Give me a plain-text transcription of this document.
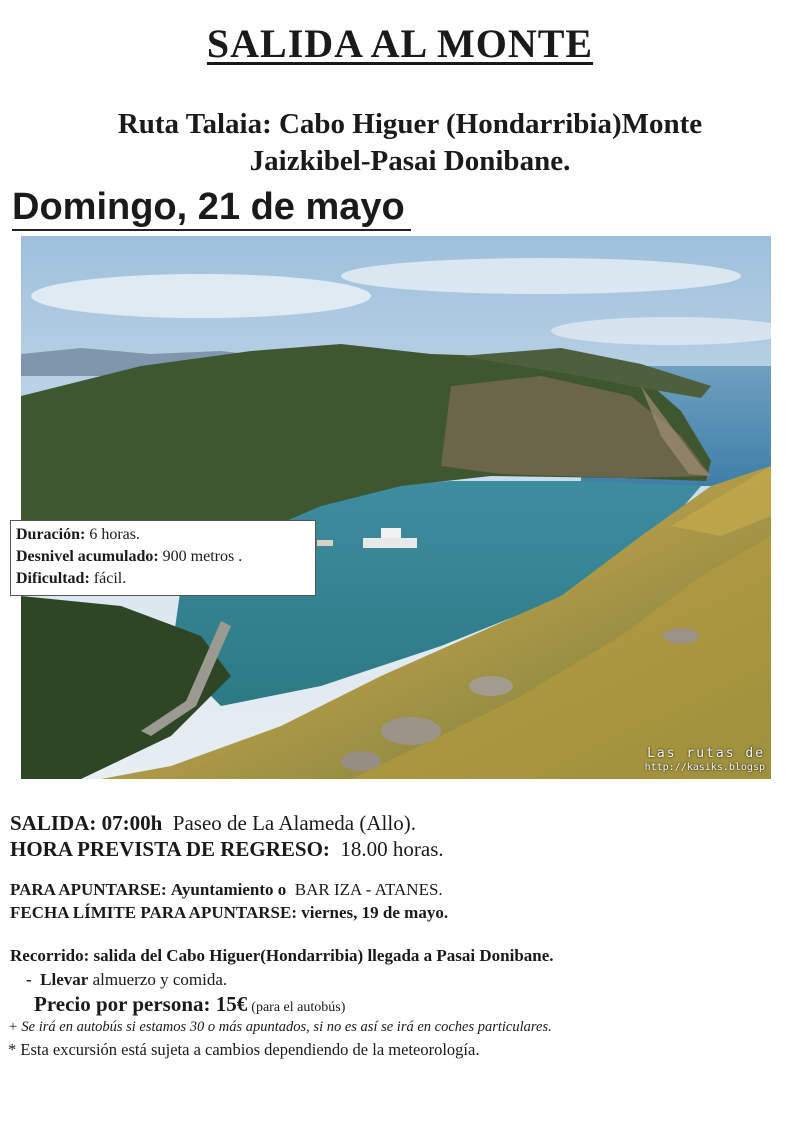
SALIDA AL MONTE
Ruta Talaia: Cabo Higuer (Hondarribia)Monte
Jaizkibel-Pasai Donibane.
Domingo, 21 de mayo
Las rutas de
http://kasiks.blogsp
Duración: 6 horas.
Desnivel acumulado: 900 metros .
Dificultad: fácil.
SALIDA: 07:00h Paseo de La Alameda (Allo).
HORA PREVISTA DE REGRESO: 18.00 horas.
PARA APUNTARSE: Ayuntamiento o BAR IZA - ATANES.
FECHA LÍMITE PARA APUNTARSE: viernes, 19 de mayo.
Recorrido: salida del Cabo Higuer(Hondarribia) llegada a Pasai Donibane.
- Llevar almuerzo y comida.
Precio por persona: 15€ (para el autobús)
+ Se irá en autobús si estamos 30 o más apuntados, si no es así se irá en coches particulares.
* Esta excursión está sujeta a cambios dependiendo de la meteorología.
